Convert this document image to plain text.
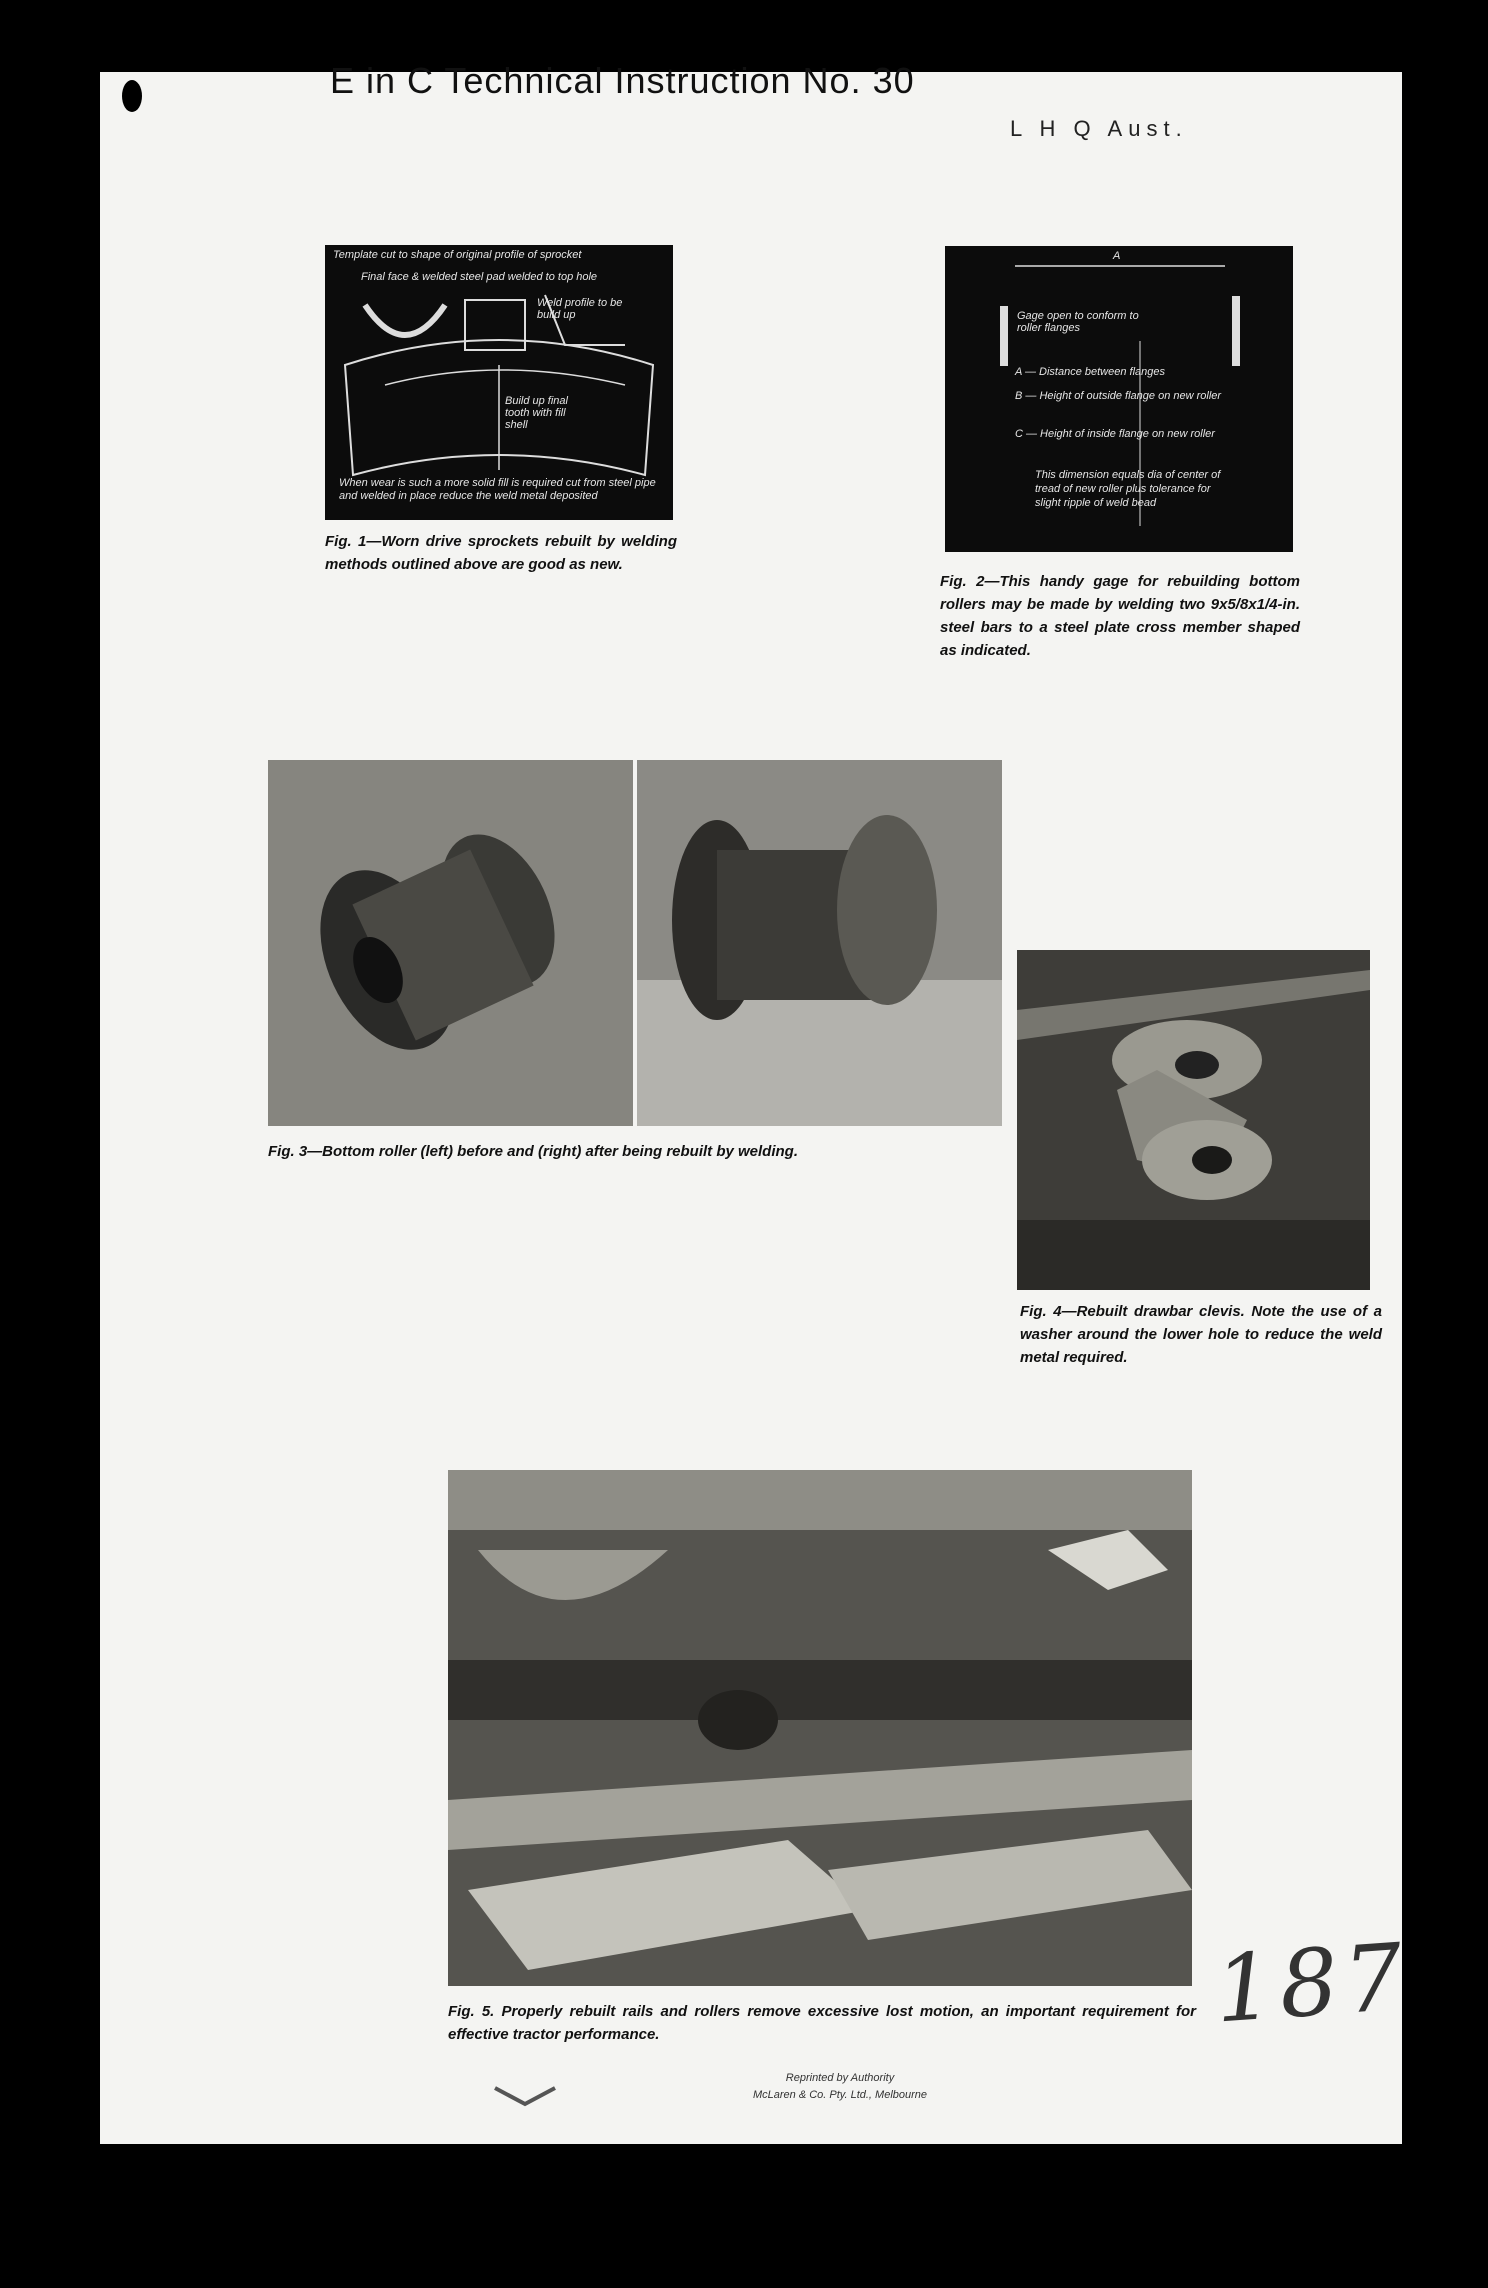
E in C Technical Instruction No. 30
L H Q Aust.
Template cut to shape of original profile of sprocket
Final face & welded steel pad welded to top hole
Weld profile to be build up
Build up final tooth with fill shell
When wear is such a more solid fill is required cut from steel pipe and welded in place reduce the weld metal deposited

Fig. 1—Worn drive sprockets rebuilt by welding methods outlined above are good as new.

A
Gage open to conform to roller flanges
A — Distance between flanges
B — Height of outside flange on new roller
C — Height of inside flange on new roller
This dimension equals dia of center of tread of new roller plus tolerance for slight ripple of weld bead

Fig. 2—This handy gage for rebuilding bottom rollers may be made by welding two 9x5/8x1/4-in. steel bars to a steel plate cross member shaped as indicated.

Fig. 3—Bottom roller (left) before and (right) after being rebuilt by welding.

Fig. 4—Rebuilt drawbar clevis. Note the use of a washer around the lower hole to reduce the weld metal required.

Fig. 5. Properly rebuilt rails and rollers remove excessive lost motion, an important requirement for effective tractor performance.

Reprinted by Authority
McLaren & Co. Pty. Ltd., Melbourne
187
